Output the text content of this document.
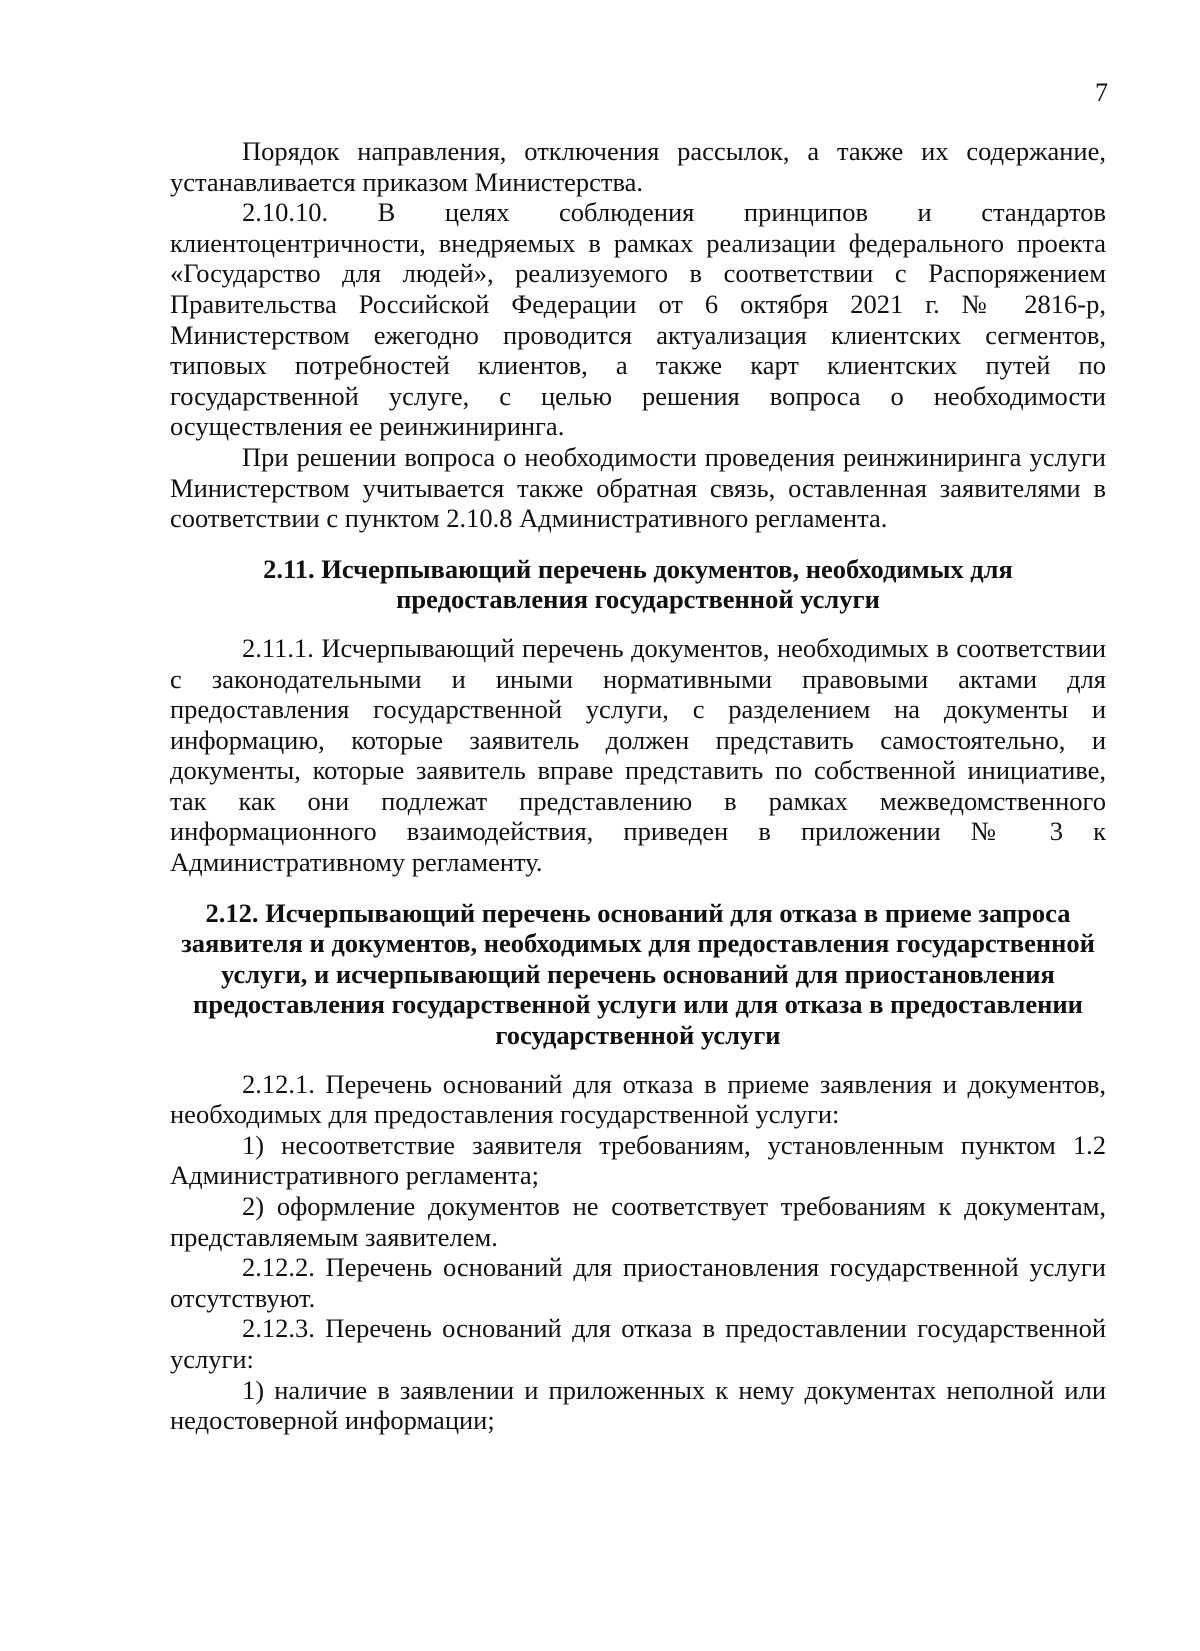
7

Порядок направления, отключения рассылок, а также их содержание, устанавливается приказом Министерства.

2.10.10. В целях соблюдения принципов и стандартов клиентоцентричности, внедряемых в рамках реализации федерального проекта «Государство для людей», реализуемого в соответствии с Распоряжением Правительства Российской Федерации от 6 октября 2021 г. № 2816-р, Министерством ежегодно проводится актуализация клиентских сегментов, типовых потребностей клиентов, а также карт клиентских путей по государственной услуге, с целью решения вопроса о необходимости осуществления ее реинжиниринга.

При решении вопроса о необходимости проведения реинжиниринга услуги Министерством учитывается также обратная связь, оставленная заявителями в соответствии с пунктом 2.10.8 Административного регламента.

2.11. Исчерпывающий перечень документов, необходимых для предоставления государственной услуги

2.11.1. Исчерпывающий перечень документов, необходимых в соответствии с законодательными и иными нормативными правовыми актами для предоставления государственной услуги, с разделением на документы и информацию, которые заявитель должен представить самостоятельно, и документы, которые заявитель вправе представить по собственной инициативе, так как они подлежат представлению в рамках межведомственного информационного взаимодействия, приведен в приложении № 3 к Административному регламенту.

2.12. Исчерпывающий перечень оснований для отказа в приеме запроса заявителя и документов, необходимых для предоставления государственной услуги, и исчерпывающий перечень оснований для приостановления предоставления государственной услуги или для отказа в предоставлении государственной услуги

2.12.1. Перечень оснований для отказа в приеме заявления и документов, необходимых для предоставления государственной услуги:

1) несоответствие заявителя требованиям, установленным пунктом 1.2 Административного регламента;

2) оформление документов не соответствует требованиям к документам, представляемым заявителем.

2.12.2. Перечень оснований для приостановления государственной услуги отсутствуют.

2.12.3. Перечень оснований для отказа в предоставлении государственной услуги:

1) наличие в заявлении и приложенных к нему документах неполной или недостоверной информации;
